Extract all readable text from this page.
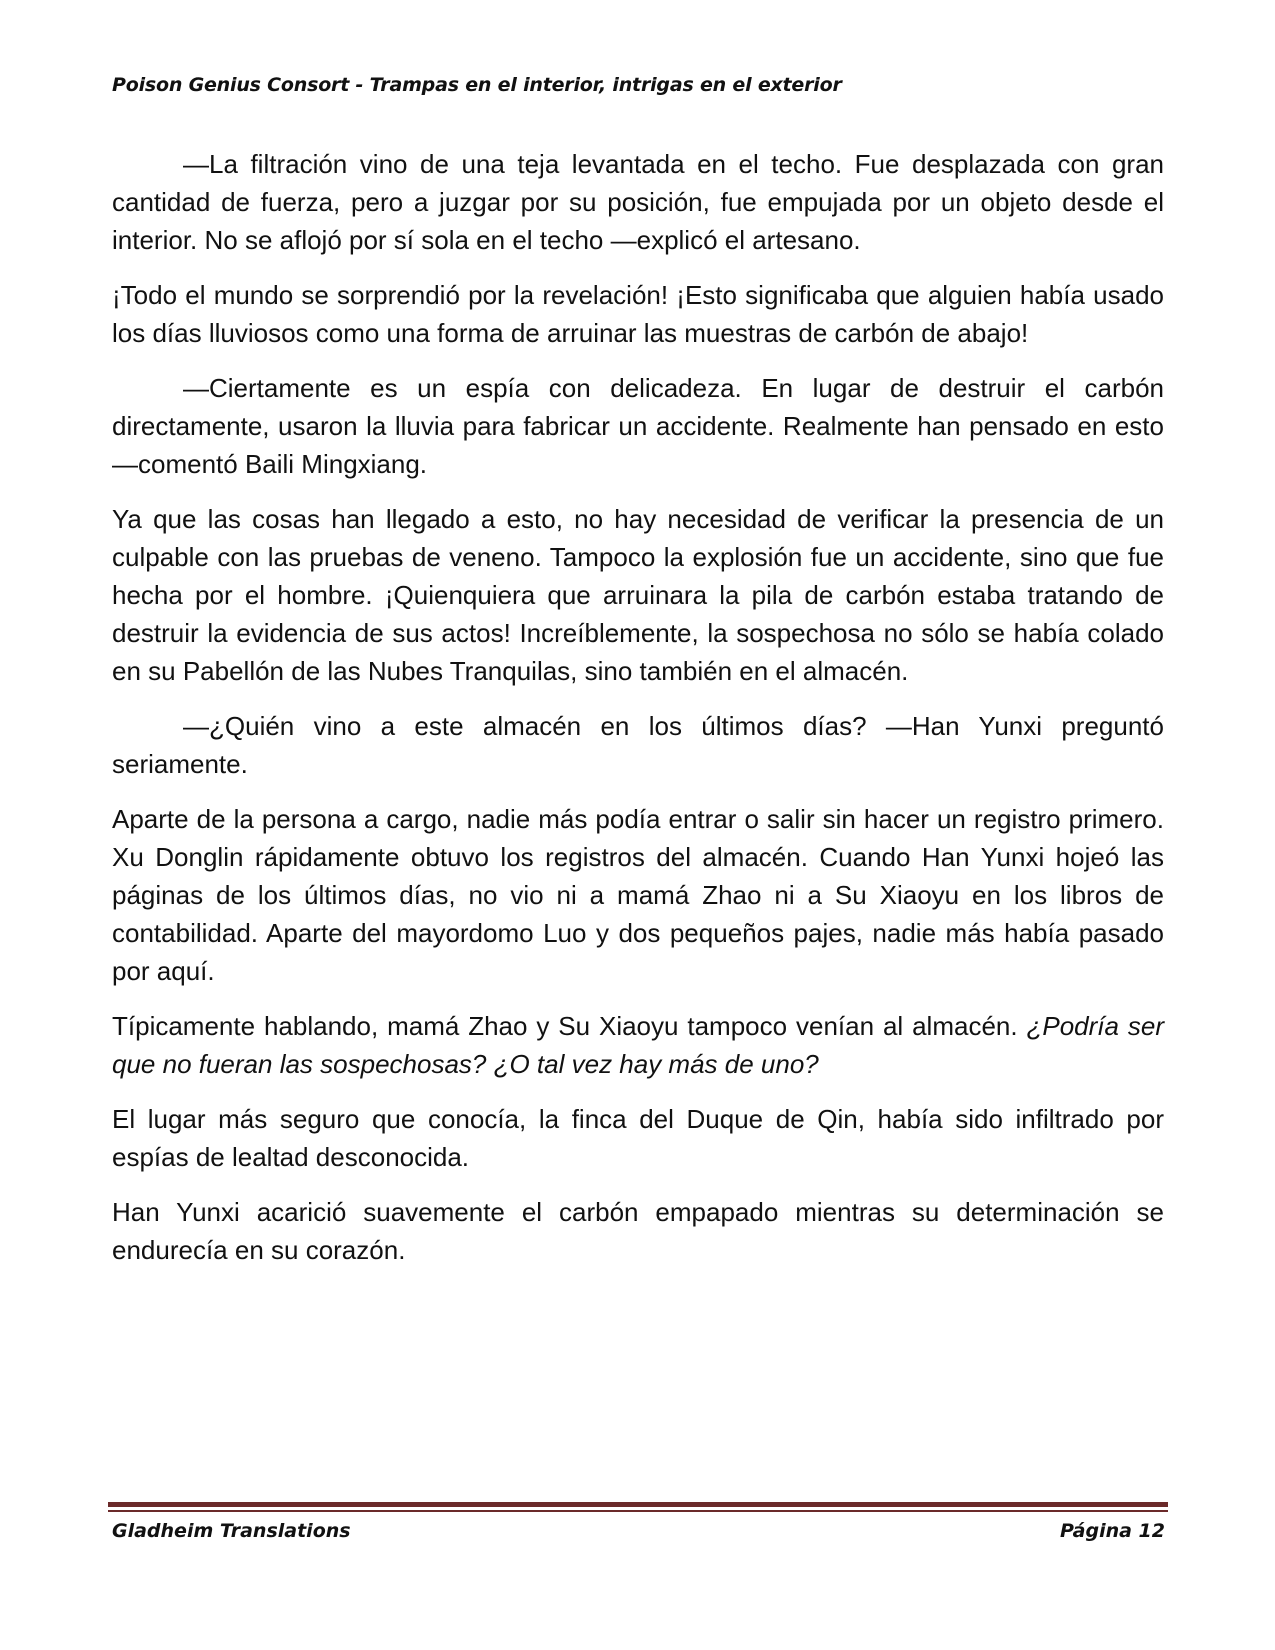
Poison Genius Consort - Trampas en el interior, intrigas en el exterior

—La filtración vino de una teja levantada en el techo. Fue desplazada con gran cantidad de fuerza, pero a juzgar por su posición, fue empujada por un objeto desde el interior. No se aflojó por sí sola en el techo —explicó el artesano.

¡Todo el mundo se sorprendió por la revelación! ¡Esto significaba que alguien había usado los días lluviosos como una forma de arruinar las muestras de carbón de abajo!

—Ciertamente es un espía con delicadeza. En lugar de destruir el carbón directamente, usaron la lluvia para fabricar un accidente. Realmente han pensado en esto —comentó Baili Mingxiang.

Ya que las cosas han llegado a esto, no hay necesidad de verificar la presencia de un culpable con las pruebas de veneno. Tampoco la explosión fue un accidente, sino que fue hecha por el hombre. ¡Quienquiera que arruinara la pila de carbón estaba tratando de destruir la evidencia de sus actos! Increíblemente, la sospechosa no sólo se había colado en su Pabellón de las Nubes Tranquilas, sino también en el almacén.

—¿Quién vino a este almacén en los últimos días? —Han Yunxi preguntó seriamente.

Aparte de la persona a cargo, nadie más podía entrar o salir sin hacer un registro primero. Xu Donglin rápidamente obtuvo los registros del almacén. Cuando Han Yunxi hojeó las páginas de los últimos días, no vio ni a mamá Zhao ni a Su Xiaoyu en los libros de contabilidad. Aparte del mayordomo Luo y dos pequeños pajes, nadie más había pasado por aquí.

Típicamente hablando, mamá Zhao y Su Xiaoyu tampoco venían al almacén. ¿Podría ser que no fueran las sospechosas? ¿O tal vez hay más de uno?

El lugar más seguro que conocía, la finca del Duque de Qin, había sido infiltrado por espías de lealtad desconocida.

Han Yunxi acarició suavemente el carbón empapado mientras su determinación se endurecía en su corazón.

Gladheim Translations	Página 12
